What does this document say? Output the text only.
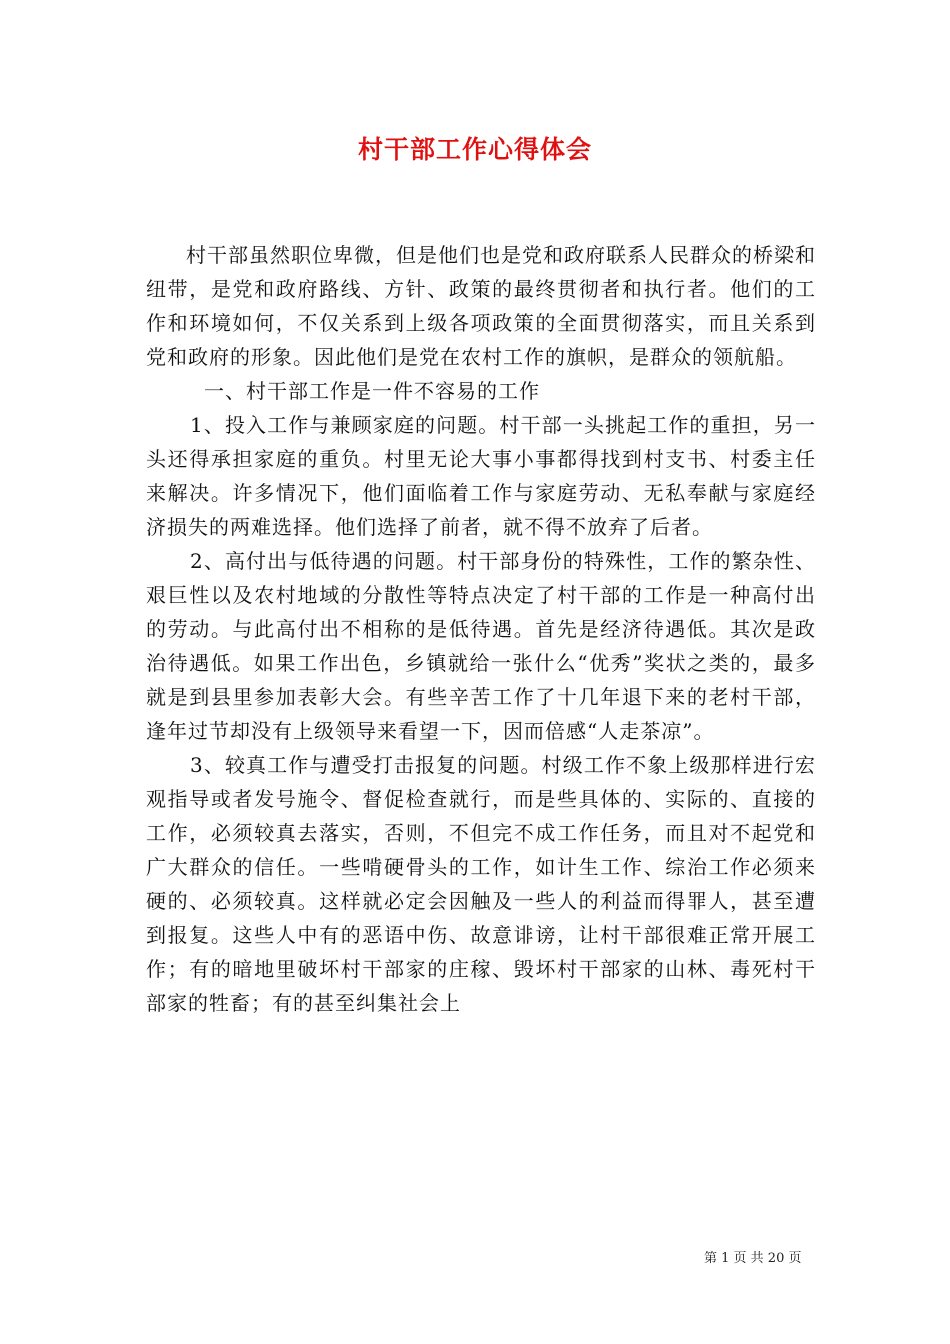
村干部工作心得体会

村干部虽然职位卑微，但是他们也是党和政府联系人民群众的桥梁和纽带，是党和政府路线、方针、政策的最终贯彻者和执行者。他们的工作和环境如何，不仅关系到上级各项政策的全面贯彻落实，而且关系到党和政府的形象。因此他们是党在农村工作的旗帜，是群众的领航船。

一、村干部工作是一件不容易的工作

1、投入工作与兼顾家庭的问题。村干部一头挑起工作的重担，另一头还得承担家庭的重负。村里无论大事小事都得找到村支书、村委主任来解决。许多情况下，他们面临着工作与家庭劳动、无私奉献与家庭经济损失的两难选择。他们选择了前者，就不得不放弃了后者。

2、高付出与低待遇的问题。村干部身份的特殊性，工作的繁杂性、艰巨性以及农村地域的分散性等特点决定了村干部的工作是一种高付出的劳动。与此高付出不相称的是低待遇。首先是经济待遇低。其次是政治待遇低。如果工作出色，乡镇就给一张什么“优秀”奖状之类的，最多就是到县里参加表彰大会。有些辛苦工作了十几年退下来的老村干部，逢年过节却没有上级领导来看望一下，因而倍感“人走茶凉”。

3、较真工作与遭受打击报复的问题。村级工作不象上级那样进行宏观指导或者发号施令、督促检查就行，而是些具体的、实际的、直接的工作，必须较真去落实，否则，不但完不成工作任务，而且对不起党和广大群众的信任。一些啃硬骨头的工作，如计生工作、综治工作必须来硬的、必须较真。这样就必定会因触及一些人的利益而得罪人，甚至遭到报复。这些人中有的恶语中伤、故意诽谤，让村干部很难正常开展工作；有的暗地里破坏村干部家的庄稼、毁坏村干部家的山林、毒死村干部家的牲畜；有的甚至纠集社会上

第 1 页 共 20 页
